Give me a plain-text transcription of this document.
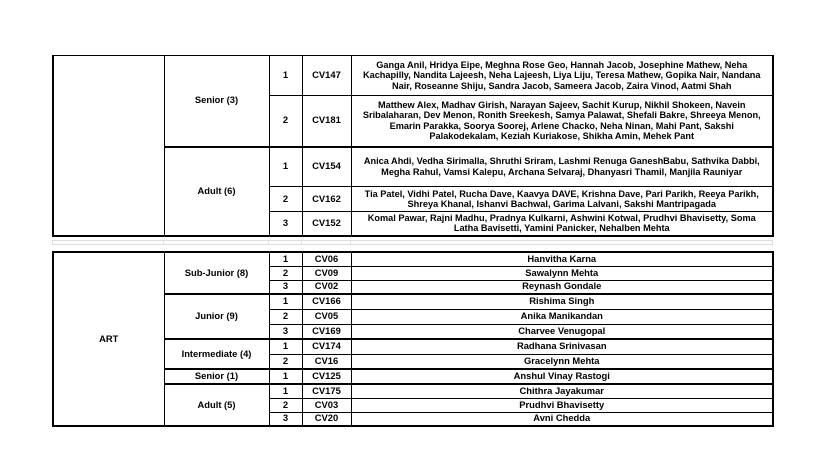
	Senior (3)	1	CV147	Ganga Anil, Hridya Eipe, Meghna Rose Geo, Hannah Jacob, Josephine Mathew, Neha Kachapilly, Nandita Lajeesh, Neha Lajeesh, Liya Liju, Teresa Mathew, Gopika Nair, Nandana Nair, Roseanne Shiju, Sandra Jacob, Sameera Jacob, Zaira Vinod, Aatmi Shah
		2	CV181	Matthew Alex, Madhav Girish, Narayan Sajeev, Sachit Kurup, Nikhil Shokeen, Navein Sribalaharan, Dev Menon, Ronith Sreekesh, Samya Palawat, Shefali Bakre, Shreeya Menon, Emarin Parakka, Soorya Soorej, Arlene Chacko, Neha Ninan, Mahi Pant, Sakshi Palakodekalam, Keziah Kuriakose, Shikha Amin, Mehek Pant
	Adult (6)	1	CV154	Anica Ahdi, Vedha Sirimalla, Shruthi Sriram, Lashmi Renuga GaneshBabu, Sathvika Dabbi, Megha Rahul, Vamsi Kalepu, Archana Selvaraj, Dhanyasri Thamil, Manjila Rauniyar
		2	CV162	Tia Patel, Vidhi Patel, Rucha Dave, Kaavya DAVE, Krishna Dave, Pari Parikh, Reeya Parikh, Shreya Khanal, Ishanvi Bachwal, Garima Lalvani, Sakshi Mantripagada
		3	CV152	Komal Pawar, Rajni Madhu, Pradnya Kulkarni, Ashwini Kotwal, Prudhvi Bhavisetty, Soma Latha Bavisetti, Yamini Panicker, Nehalben Mehta

ART	Sub-Junior (8)	1	CV06	Hanvitha Karna
		2	CV09	Sawalynn Mehta
		3	CV02	Reynash Gondale
	Junior (9)	1	CV166	Rishima Singh
		2	CV05	Anika Manikandan
		3	CV169	Charvee Venugopal
	Intermediate (4)	1	CV174	Radhana Srinivasan
		2	CV16	Gracelynn Mehta
	Senior (1)	1	CV125	Anshul Vinay Rastogi
	Adult (5)	1	CV175	Chithra Jayakumar
		2	CV03	Prudhvi Bhavisetty
		3	CV20	Avni Chedda
